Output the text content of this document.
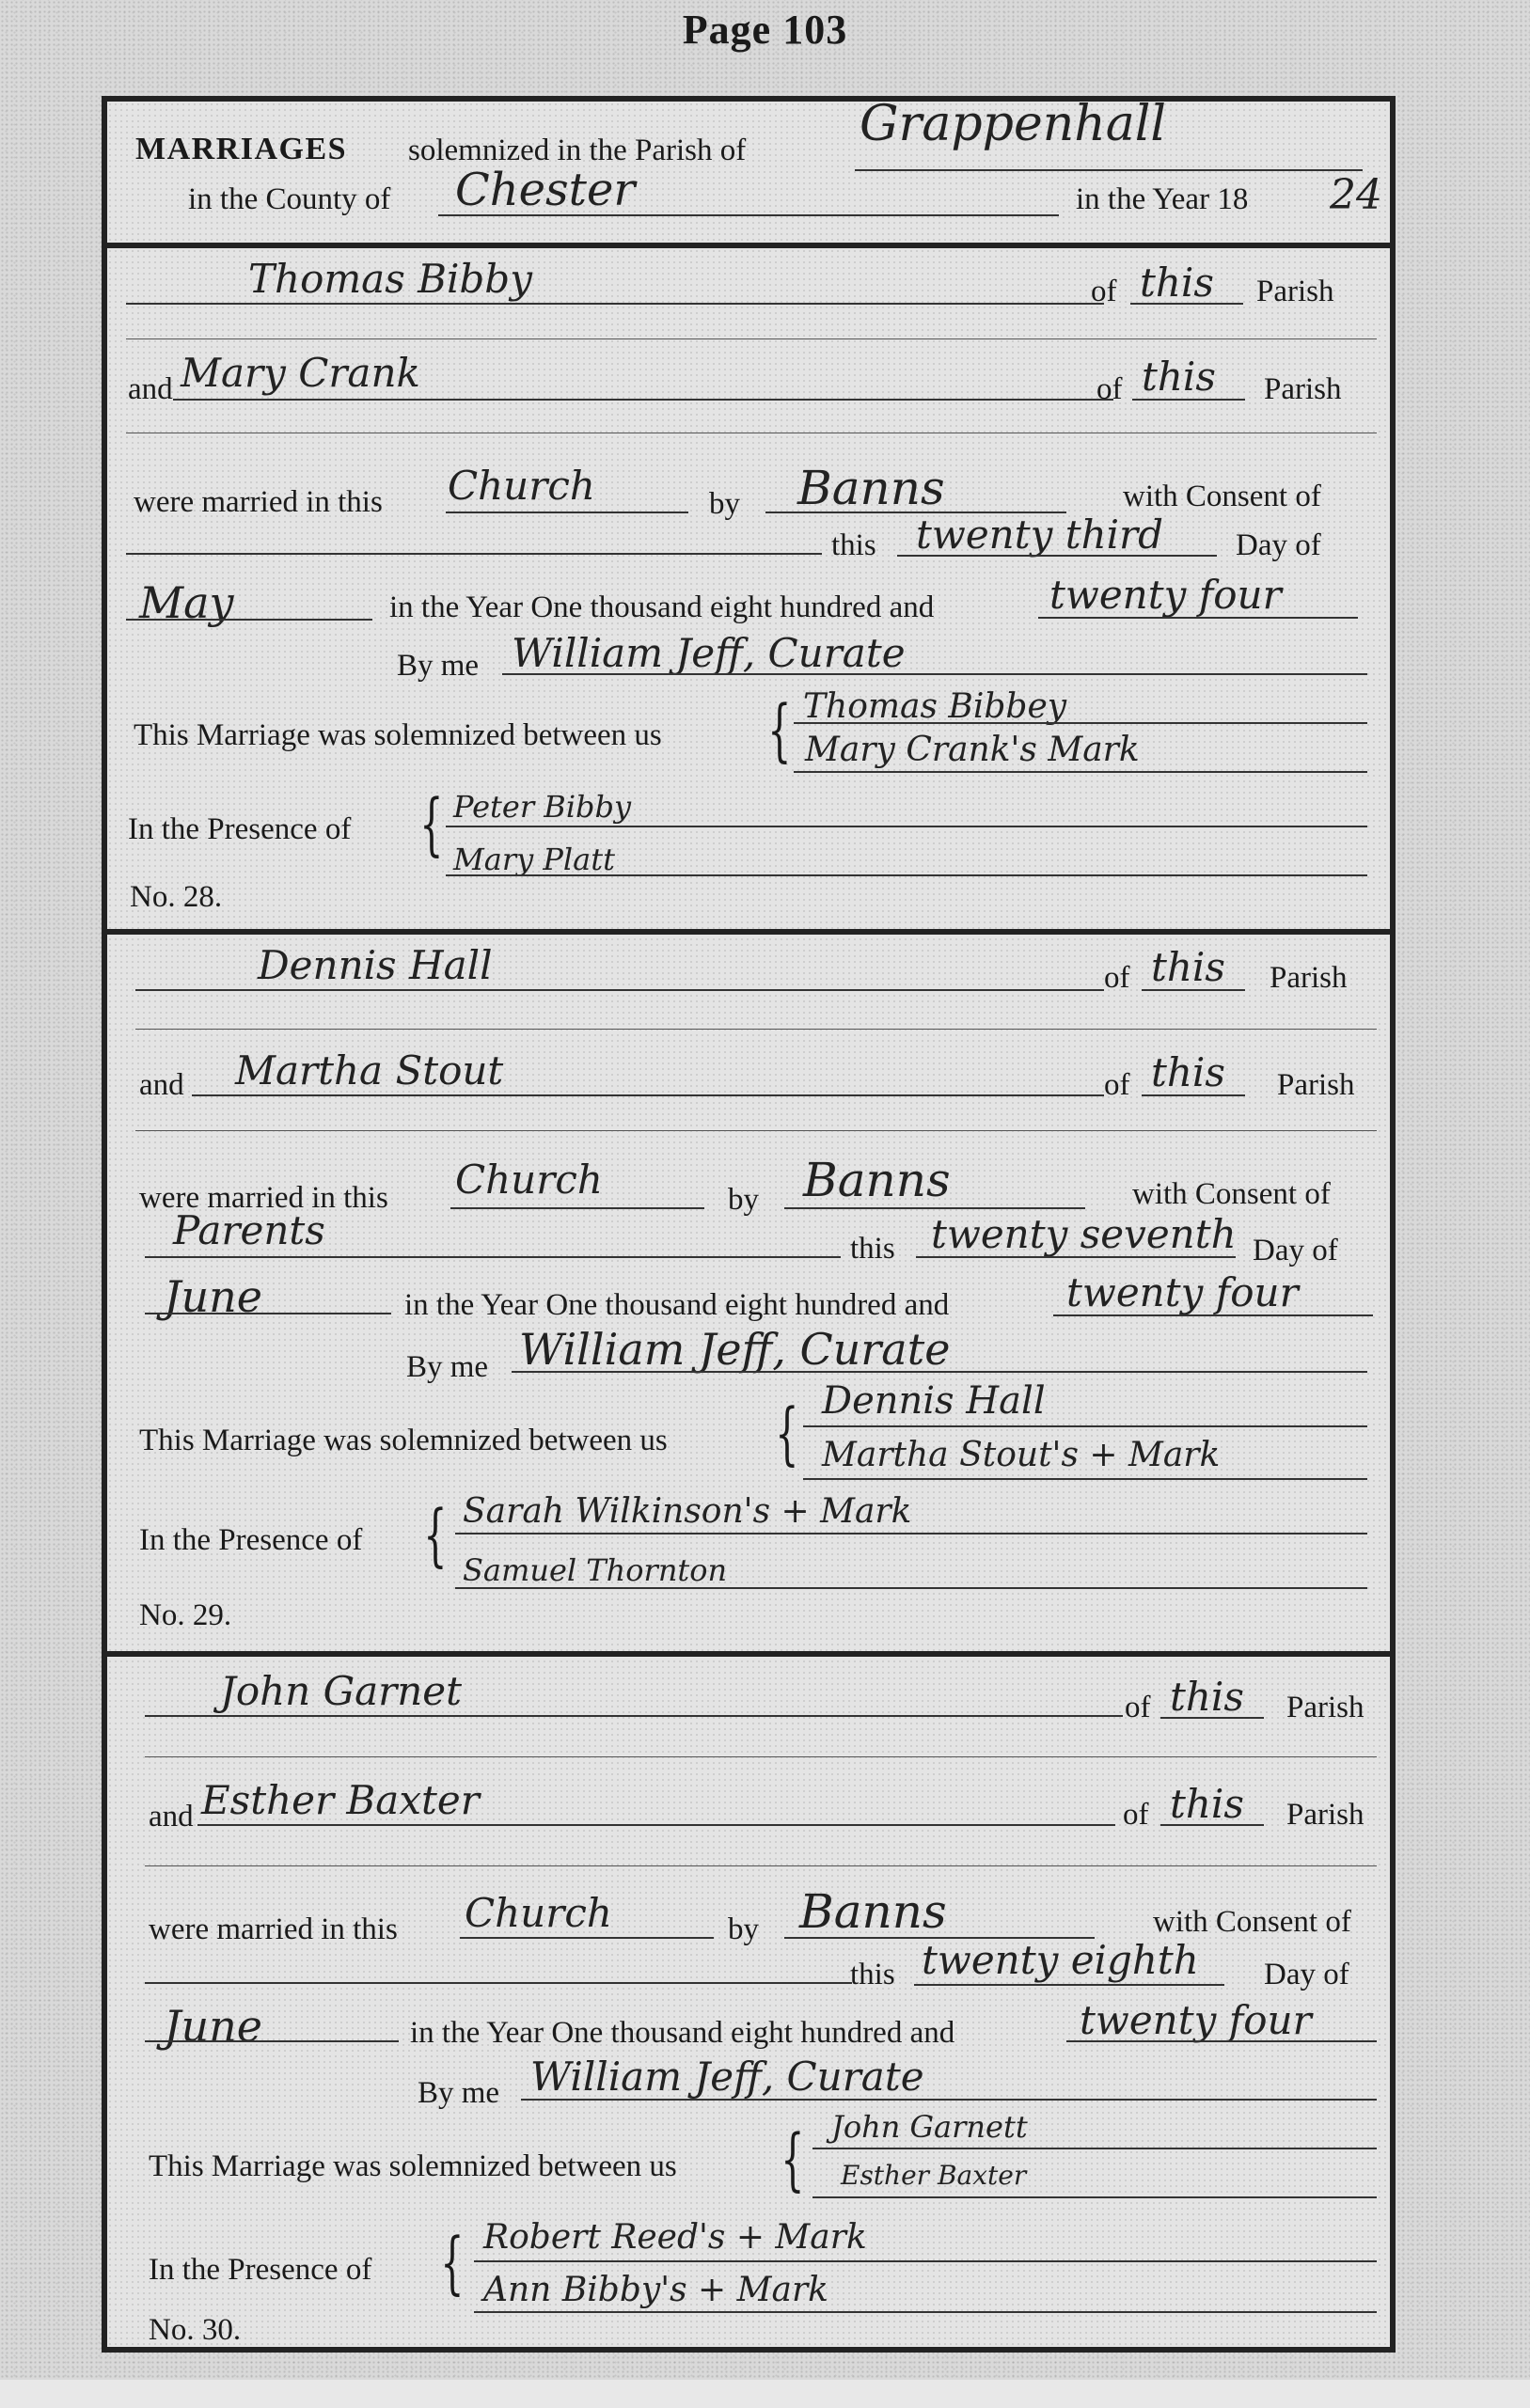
Page 103
MARRIAGES solemnized in the Parish of Grappenhall
in the County of Chester	in the Year 18 24
Thomas Bibby	of this Parish
and Mary Crank	of this Parish
were married in this Church	by Banns	with Consent of
this twenty third Day of
May	in the Year One thousand eight hundred and	twenty four
By me William Jeff, Curate
This Marriage was solemnized between us { Thomas Bibbey
Mary Crank's Mark
In the Presence of { Peter Bibby
Mary Platt
No. 28.
Dennis Hall	of this Parish
and Martha Stout	of this Parish
were married in this Church	by Banns	with Consent of
Parents	this twenty seventh Day of
June	in the Year One thousand eight hundred and	twenty four
By me William Jeff, Curate
This Marriage was solemnized between us { Dennis Hall
Martha Stout's + Mark
In the Presence of { Sarah Wilkinson's + Mark
Samuel Thornton
No. 29.
John Garnet	of this Parish
and Esther Baxter	of this Parish
were married in this Church	by Banns	with Consent of
this twenty eighth Day of
June	in the Year One thousand eight hundred and	twenty four
By me William Jeff, Curate
This Marriage was solemnized between us { John Garnett
Esther Baxter
In the Presence of { Robert Reed's + Mark
Ann Bibby's + Mark
No. 30.
